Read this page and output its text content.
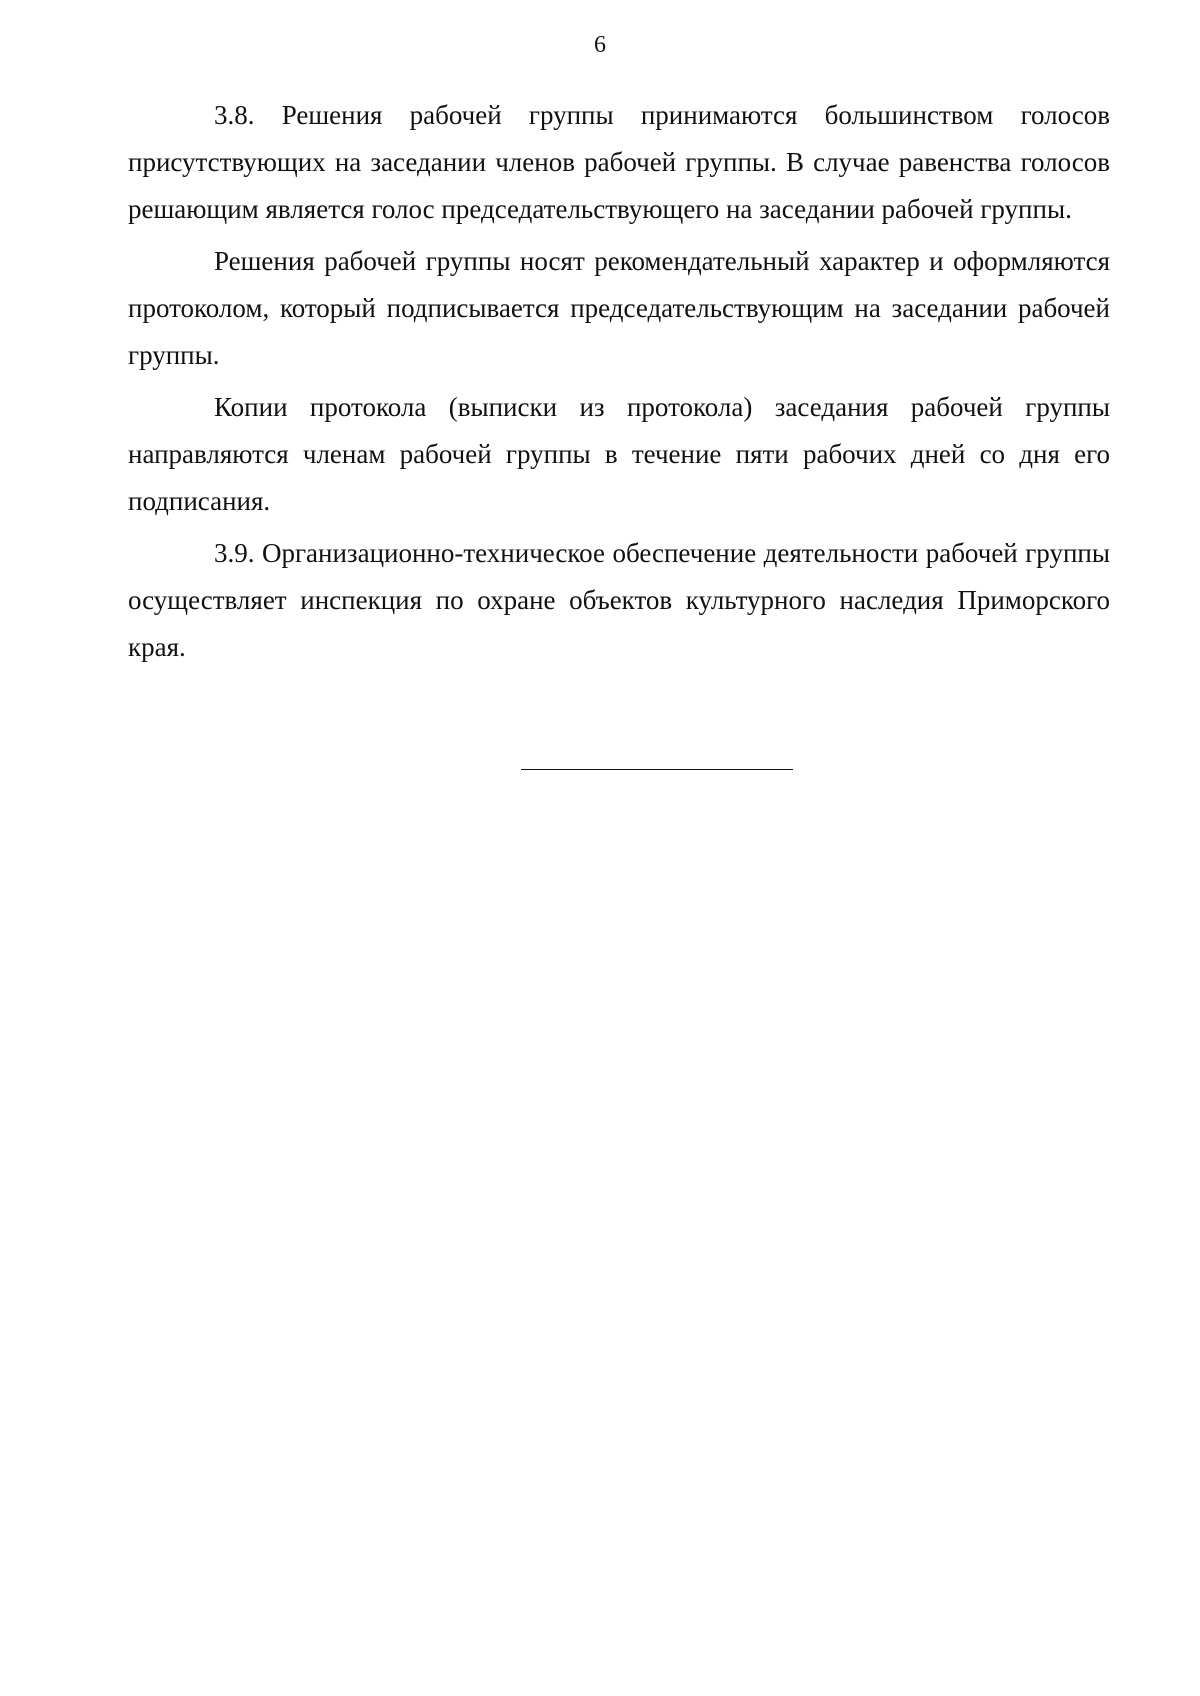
6

3.8. Решения рабочей группы принимаются большинством голосов присутствующих на заседании членов рабочей группы. В случае равенства голосов решающим является голос председательствующего на заседании рабочей группы.

Решения рабочей группы носят рекомендательный характер и оформляются протоколом, который подписывается председательствующим на заседании рабочей группы.

Копии протокола (выписки из протокола) заседания рабочей группы направляются членам рабочей группы в течение пяти рабочих дней со дня его подписания.

3.9. Организационно-техническое обеспечение деятельности рабочей группы осуществляет инспекция по охране объектов культурного наследия Приморского края.
